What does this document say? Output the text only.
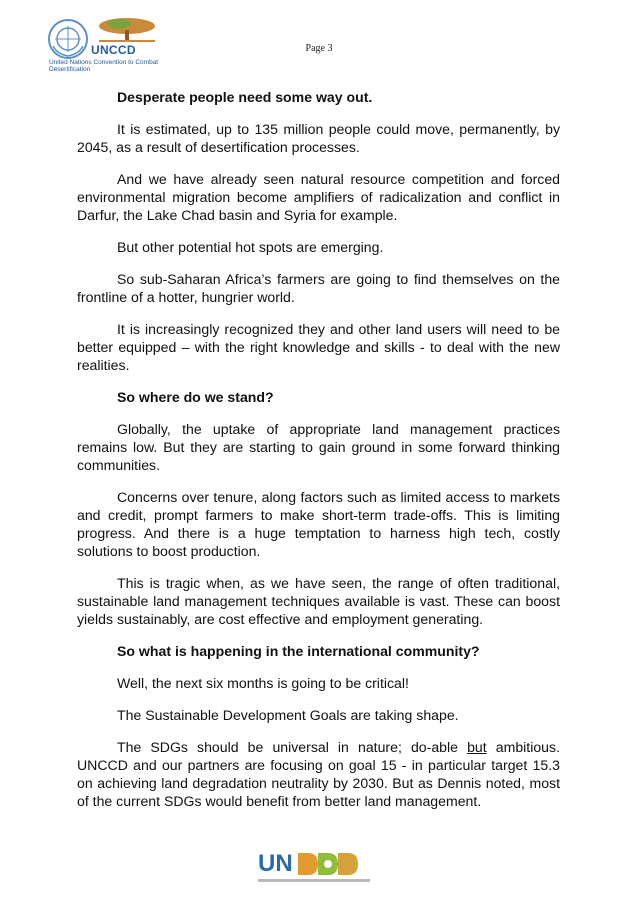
UNCCD
United Nations Convention to Combat Desertification
Page 3

Desperate people need some way out.

It is estimated, up to 135 million people could move, permanently, by 2045, as a result of desertification processes.

And we have already seen natural resource competition and forced environmental migration become amplifiers of radicalization and conflict in Darfur, the Lake Chad basin and Syria for example.

But other potential hot spots are emerging.

So sub-Saharan Africa’s farmers are going to find themselves on the frontline of a hotter, hungrier world.

It is increasingly recognized they and other land users will need to be better equipped – with the right knowledge and skills - to deal with the new realities.

So where do we stand?

Globally, the uptake of appropriate land management practices remains low. But they are starting to gain ground in some forward thinking communities.

Concerns over tenure, along factors such as limited access to markets and credit, prompt farmers to make short-term trade-offs. This is limiting progress. And there is a huge temptation to harness high tech, costly solutions to boost production.

This is tragic when, as we have seen, the range of often traditional, sustainable land management techniques available is vast. These can boost yields sustainably, are cost effective and employment generating.

So what is happening in the international community?

Well, the next six months is going to be critical!

The Sustainable Development Goals are taking shape.

The SDGs should be universal in nature; do-able but ambitious. UNCCD and our partners are focusing on goal 15 - in particular target 15.3 on achieving land degradation neutrality by 2030. But as Dennis noted, most of the current SDGs would benefit from better land management.

UN
